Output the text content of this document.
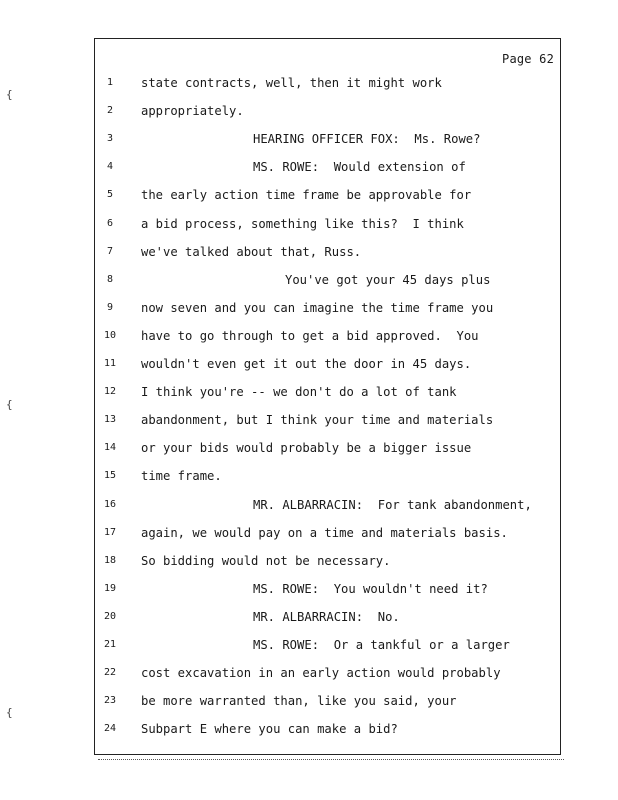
{
{
{
Page 62
1	state contracts, well, then it might work
2	appropriately.
3	HEARING OFFICER FOX:  Ms. Rowe?
4	MS. ROWE:  Would extension of
5	the early action time frame be approvable for
6	a bid process, something like this?  I think
7	we've talked about that, Russ.
8	You've got your 45 days plus
9	now seven and you can imagine the time frame you
10	have to go through to get a bid approved.  You
11	wouldn't even get it out the door in 45 days.
12	I think you're -- we don't do a lot of tank
13	abandonment, but I think your time and materials
14	or your bids would probably be a bigger issue
15	time frame.
16	MR. ALBARRACIN:  For tank abandonment,
17	again, we would pay on a time and materials basis.
18	So bidding would not be necessary.
19	MS. ROWE:  You wouldn't need it?
20	MR. ALBARRACIN:  No.
21	MS. ROWE:  Or a tankful or a larger
22	cost excavation in an early action would probably
23	be more warranted than, like you said, your
24	Subpart E where you can make a bid?
